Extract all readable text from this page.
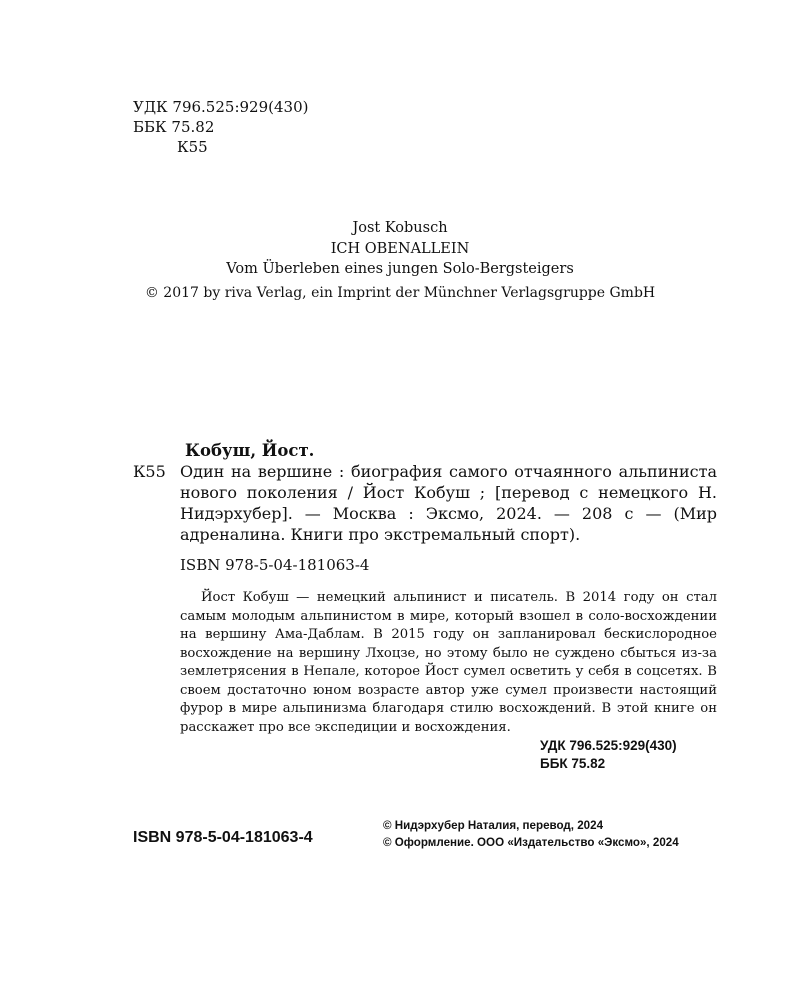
УДК 796.525:929(430)
ББК 75.82
К55
Jost Kobusch
ICH OBENALLEIN
Vom Überleben eines jungen Solo-Bergsteigers
© 2017 by riva Verlag, ein Imprint der Münchner Verlagsgruppe GmbH
Кобуш, Йост.
К55 Один на вершине : биография самого отчаянного альпиниста нового поколения / Йост Кобуш ; [перевод с немецкого Н. Нидэрхубер]. — Москва : Эксмо, 2024. — 208 с — (Мир адреналина. Книги про экстремальный спорт).
ISBN 978-5-04-181063-4
Йост Кобуш — немецкий альпинист и писатель. В 2014 году он стал самым молодым альпинистом в мире, который взошел в соло-восхождении на вершину Ама-Даблам. В 2015 году он запланировал бескислородное восхождение на вершину Лхоцзе, но этому было не суждено сбыться из-за землетрясения в Непале, которое Йост сумел осветить у себя в соцсетях. В своем достаточно юном возрасте автор уже сумел произвести настоящий фурор в мире альпинизма благодаря стилю восхождений. В этой книге он расскажет про все экспедиции и восхождения.
УДК 796.525:929(430)
ББК 75.82
ISBN 978-5-04-181063-4
© Нидэрхубер Наталия, перевод, 2024
© Оформление. ООО «Издательство «Эксмо», 2024
